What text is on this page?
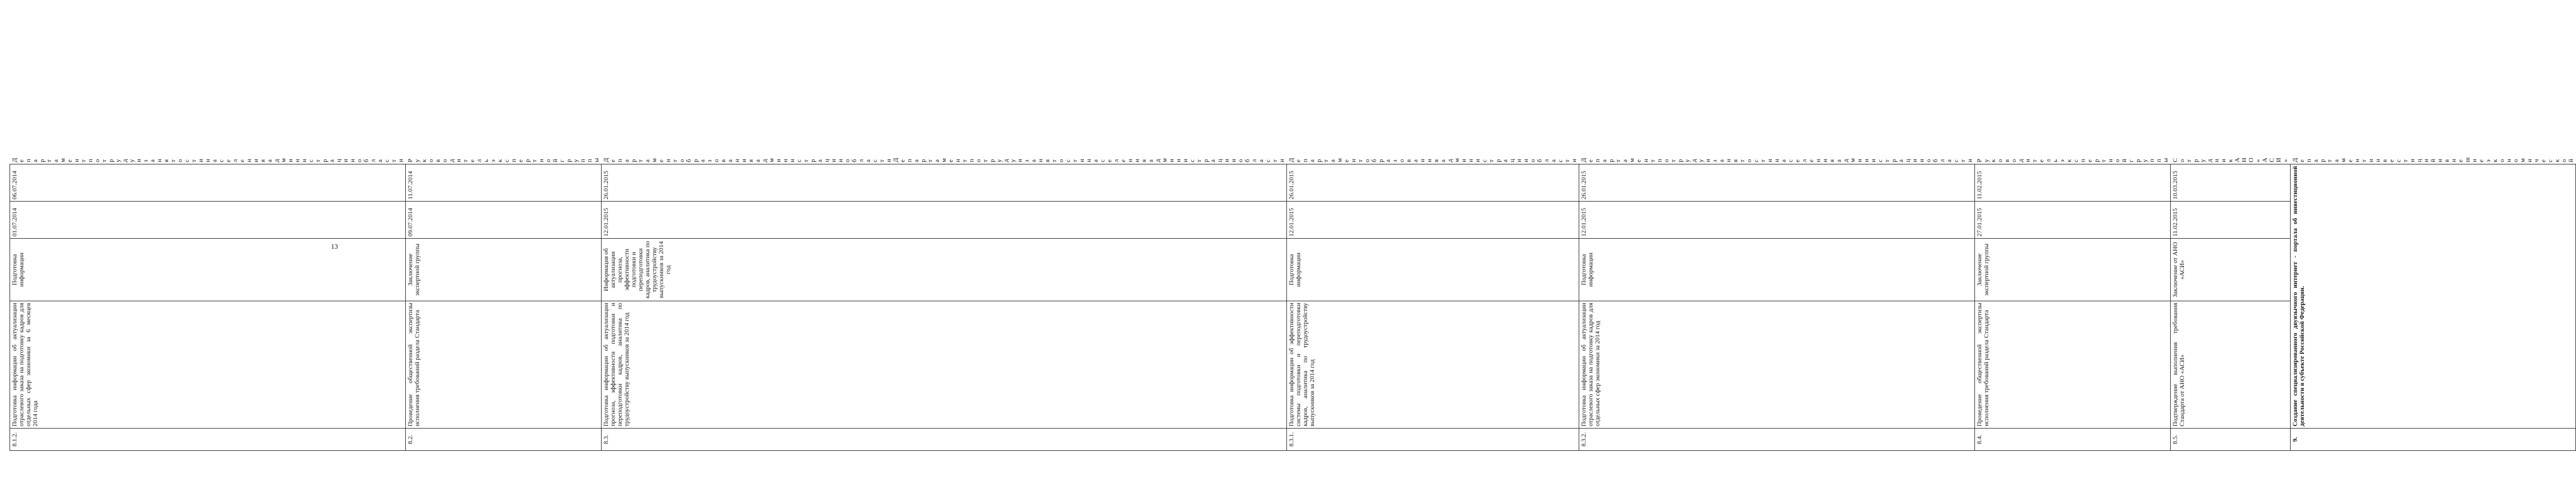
13
8.1.2.	Подготовка информации об актуализации отраслевого заказа на подготовку кадров для отдельных сфер экономики за 6 месяцев 2014 года	Подготовка информации	01.07.2014	06.07.2014	Департамент по труду и занятости населения администрации области
8.2.	Проведение общественной экспертизы исполнения требований раздела Стандарта	Заключение экспертной группы	09.07.2014	11.07.2014	Руководитель экспертной группы
8.3.	Подготовка информации об актуализации прогноза, эффективности подготовки и переподготовки кадров, аналитика по трудоустройству выпускников за 2014 год	Информация об актуализации прогноза, эффективности подготовки и переподготовки кадров, аналитика по трудоустройству выпускников за 2014 год	12.01.2015	26.01.2015	Департамент образования администрации области Департамент по труду и занятости населения администрации области
8.3.1.	Подготовка информации об эффективности системы подготовки и переподготовки кадров, аналитика по трудоустройству выпускников за 2014 год	Подготовка информации	12.01.2015	26.01.2015	Департамент образования администрации области
8.3.2.	Подготовка информации об актуализации отраслевого заказа на подготовку кадров для отдельных сфер экономики за 2014 год	Подготовка информации	12.01.2015	26.01.2015	Департамент по труду и занятости населения администрации области
8.4.	Проведение общественной экспертизы исполнения требований раздела Стандарта	Заключение экспертной группы	27.01.2015	11.02.2015	Руководитель экспертной группы
8.5.	Подтверждение выполнения требования Стандарта от АНО «АСИ»	Заключение от АНО «АСИ»	11.02.2015	10.03.2015	Сотрудник АНО «АСИ»
9.	Создание специализированного двуязычного интернет - портала об инвестиционной деятельности в субъекте Российской Федерации.				Департамент инвестиций и внешнеэкономической
